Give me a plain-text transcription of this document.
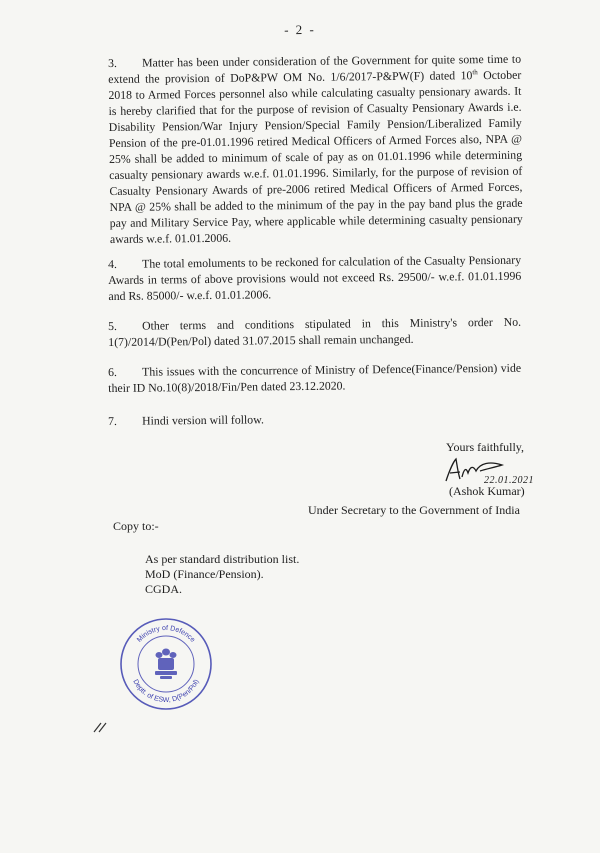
- 2 -
3. Matter has been under consideration of the Government for quite some time to extend the provision of DoP&PW OM No. 1/6/2017-P&PW(F) dated 10th October 2018 to Armed Forces personnel also while calculating casualty pensionary awards. It is hereby clarified that for the purpose of revision of Casualty Pensionary Awards i.e. Disability Pension/War Injury Pension/Special Family Pension/Liberalized Family Pension of the pre-01.01.1996 retired Medical Officers of Armed Forces also, NPA @ 25% shall be added to minimum of scale of pay as on 01.01.1996 while determining casualty pensionary awards w.e.f. 01.01.1996. Similarly, for the purpose of revision of Casualty Pensionary Awards of pre-2006 retired Medical Officers of Armed Forces, NPA @ 25% shall be added to the minimum of the pay in the pay band plus the grade pay and Military Service Pay, where applicable while determining casualty pensionary awards w.e.f. 01.01.2006.
4. The total emoluments to be reckoned for calculation of the Casualty Pensionary Awards in terms of above provisions would not exceed Rs. 29500/- w.e.f. 01.01.1996 and Rs. 85000/- w.e.f. 01.01.2006.
5. Other terms and conditions stipulated in this Ministry's order No. 1(7)/2014/D(Pen/Pol) dated 31.07.2015 shall remain unchanged.
6. This issues with the concurrence of Ministry of Defence(Finance/Pension) vide their ID No.10(8)/2018/Fin/Pen dated 23.12.2020.
7. Hindi version will follow.
Yours faithfully,
22.01.2021
(Ashok Kumar)
Under Secretary to the Government of India
Copy to:-
As per standard distribution list.
MoD (Finance/Pension).
CGDA.
Ministry of Defence
Deptt. of ESW, D(Pen/Pol)
